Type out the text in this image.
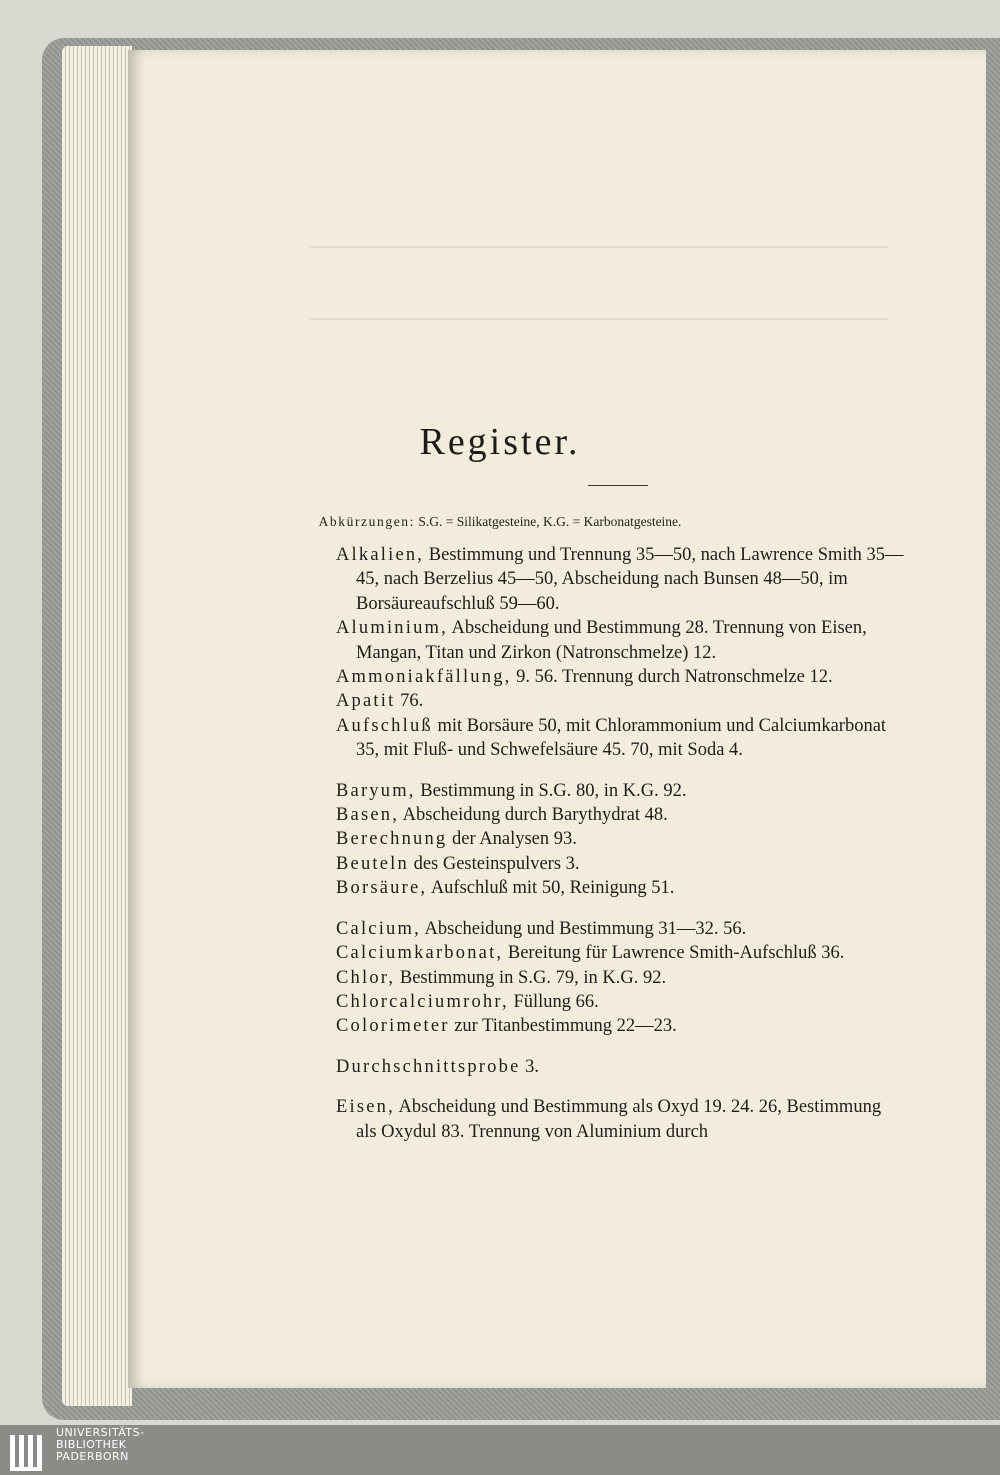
Register.
Abkürzungen: S.G. = Silikatgesteine, K.G. = Karbonatgesteine.

Alkalien, Bestimmung und Trennung 35—50, nach Lawrence Smith 35—45, nach Berzelius 45—50, Abscheidung nach Bunsen 48—50, im Borsäureaufschluß 59—60.

Aluminium, Abscheidung und Bestimmung 28. Trennung von Eisen, Mangan, Titan und Zirkon (Natronschmelze) 12.

Ammoniakfällung, 9. 56. Trennung durch Natronschmelze 12.

Apatit 76.

Aufschluß mit Borsäure 50, mit Chlorammonium und Calciumkarbonat 35, mit Fluß- und Schwefelsäure 45. 70, mit Soda 4.

Baryum, Bestimmung in S.G. 80, in K.G. 92.

Basen, Abscheidung durch Barythydrat 48.

Berechnung der Analysen 93.

Beuteln des Gesteinspulvers 3.

Borsäure, Aufschluß mit 50, Reinigung 51.

Calcium, Abscheidung und Bestimmung 31—32. 56.

Calciumkarbonat, Bereitung für Lawrence Smith-Aufschluß 36.

Chlor, Bestimmung in S.G. 79, in K.G. 92.

Chlorcalciumrohr, Füllung 66.

Colorimeter zur Titanbestimmung 22—23.

Durchschnittsprobe 3.

Eisen, Abscheidung und Bestimmung als Oxyd 19. 24. 26, Bestimmung als Oxydul 83. Trennung von Aluminium durch

UNIVERSITÄTS-
BIBLIOTHEK
PADERBORN
